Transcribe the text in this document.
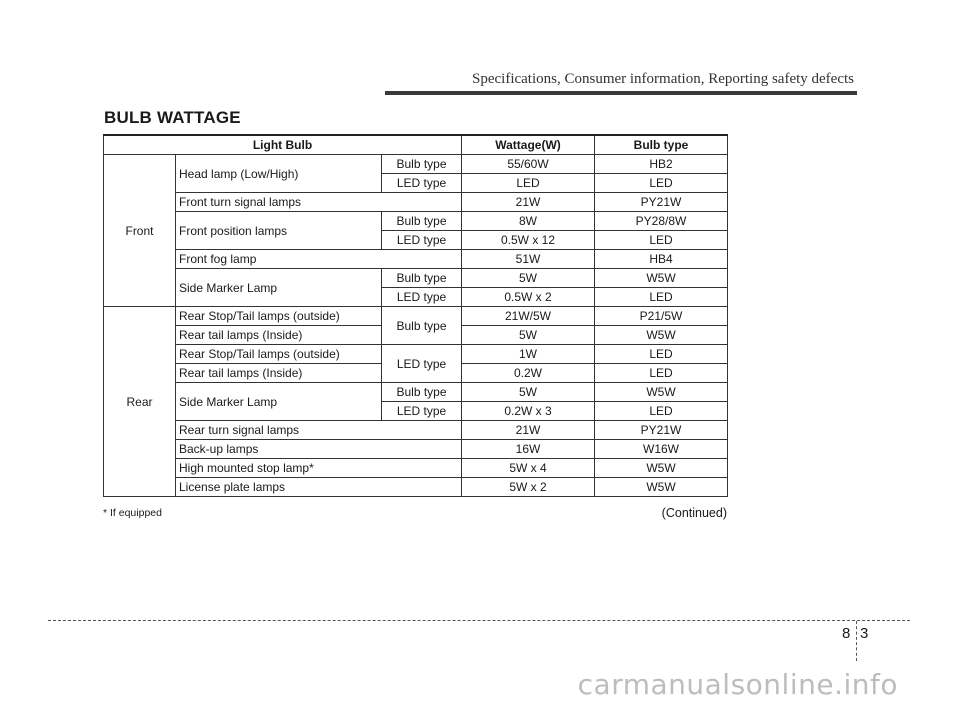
Specifications, Consumer information, Reporting safety defects
BULB WATTAGE
Light Bulb			Wattage(W)	Bulb type
Front	Head lamp (Low/High)	Bulb type	55/60W	HB2
		LED type	LED	LED
	Front turn signal lamps		21W	PY21W
	Front position lamps	Bulb type	8W	PY28/8W
		LED type	0.5W x 12	LED
	Front fog lamp		51W	HB4
	Side Marker Lamp	Bulb type	5W	W5W
		LED type	0.5W x 2	LED
Rear	Rear Stop/Tail lamps (outside)	Bulb type	21W/5W	P21/5W
	Rear tail lamps (Inside)		5W	W5W
	Rear Stop/Tail lamps (outside)	LED type	1W	LED
	Rear tail lamps (Inside)		0.2W	LED
	Side Marker Lamp	Bulb type	5W	W5W
		LED type	0.2W x 3	LED
	Rear turn signal lamps		21W	PY21W
	Back-up lamps		16W	W16W
	High mounted stop lamp*		5W x 4	W5W
	License plate lamps		5W x 2	W5W
* If equipped	(Continued)
8 3
carmanualsonline.info
